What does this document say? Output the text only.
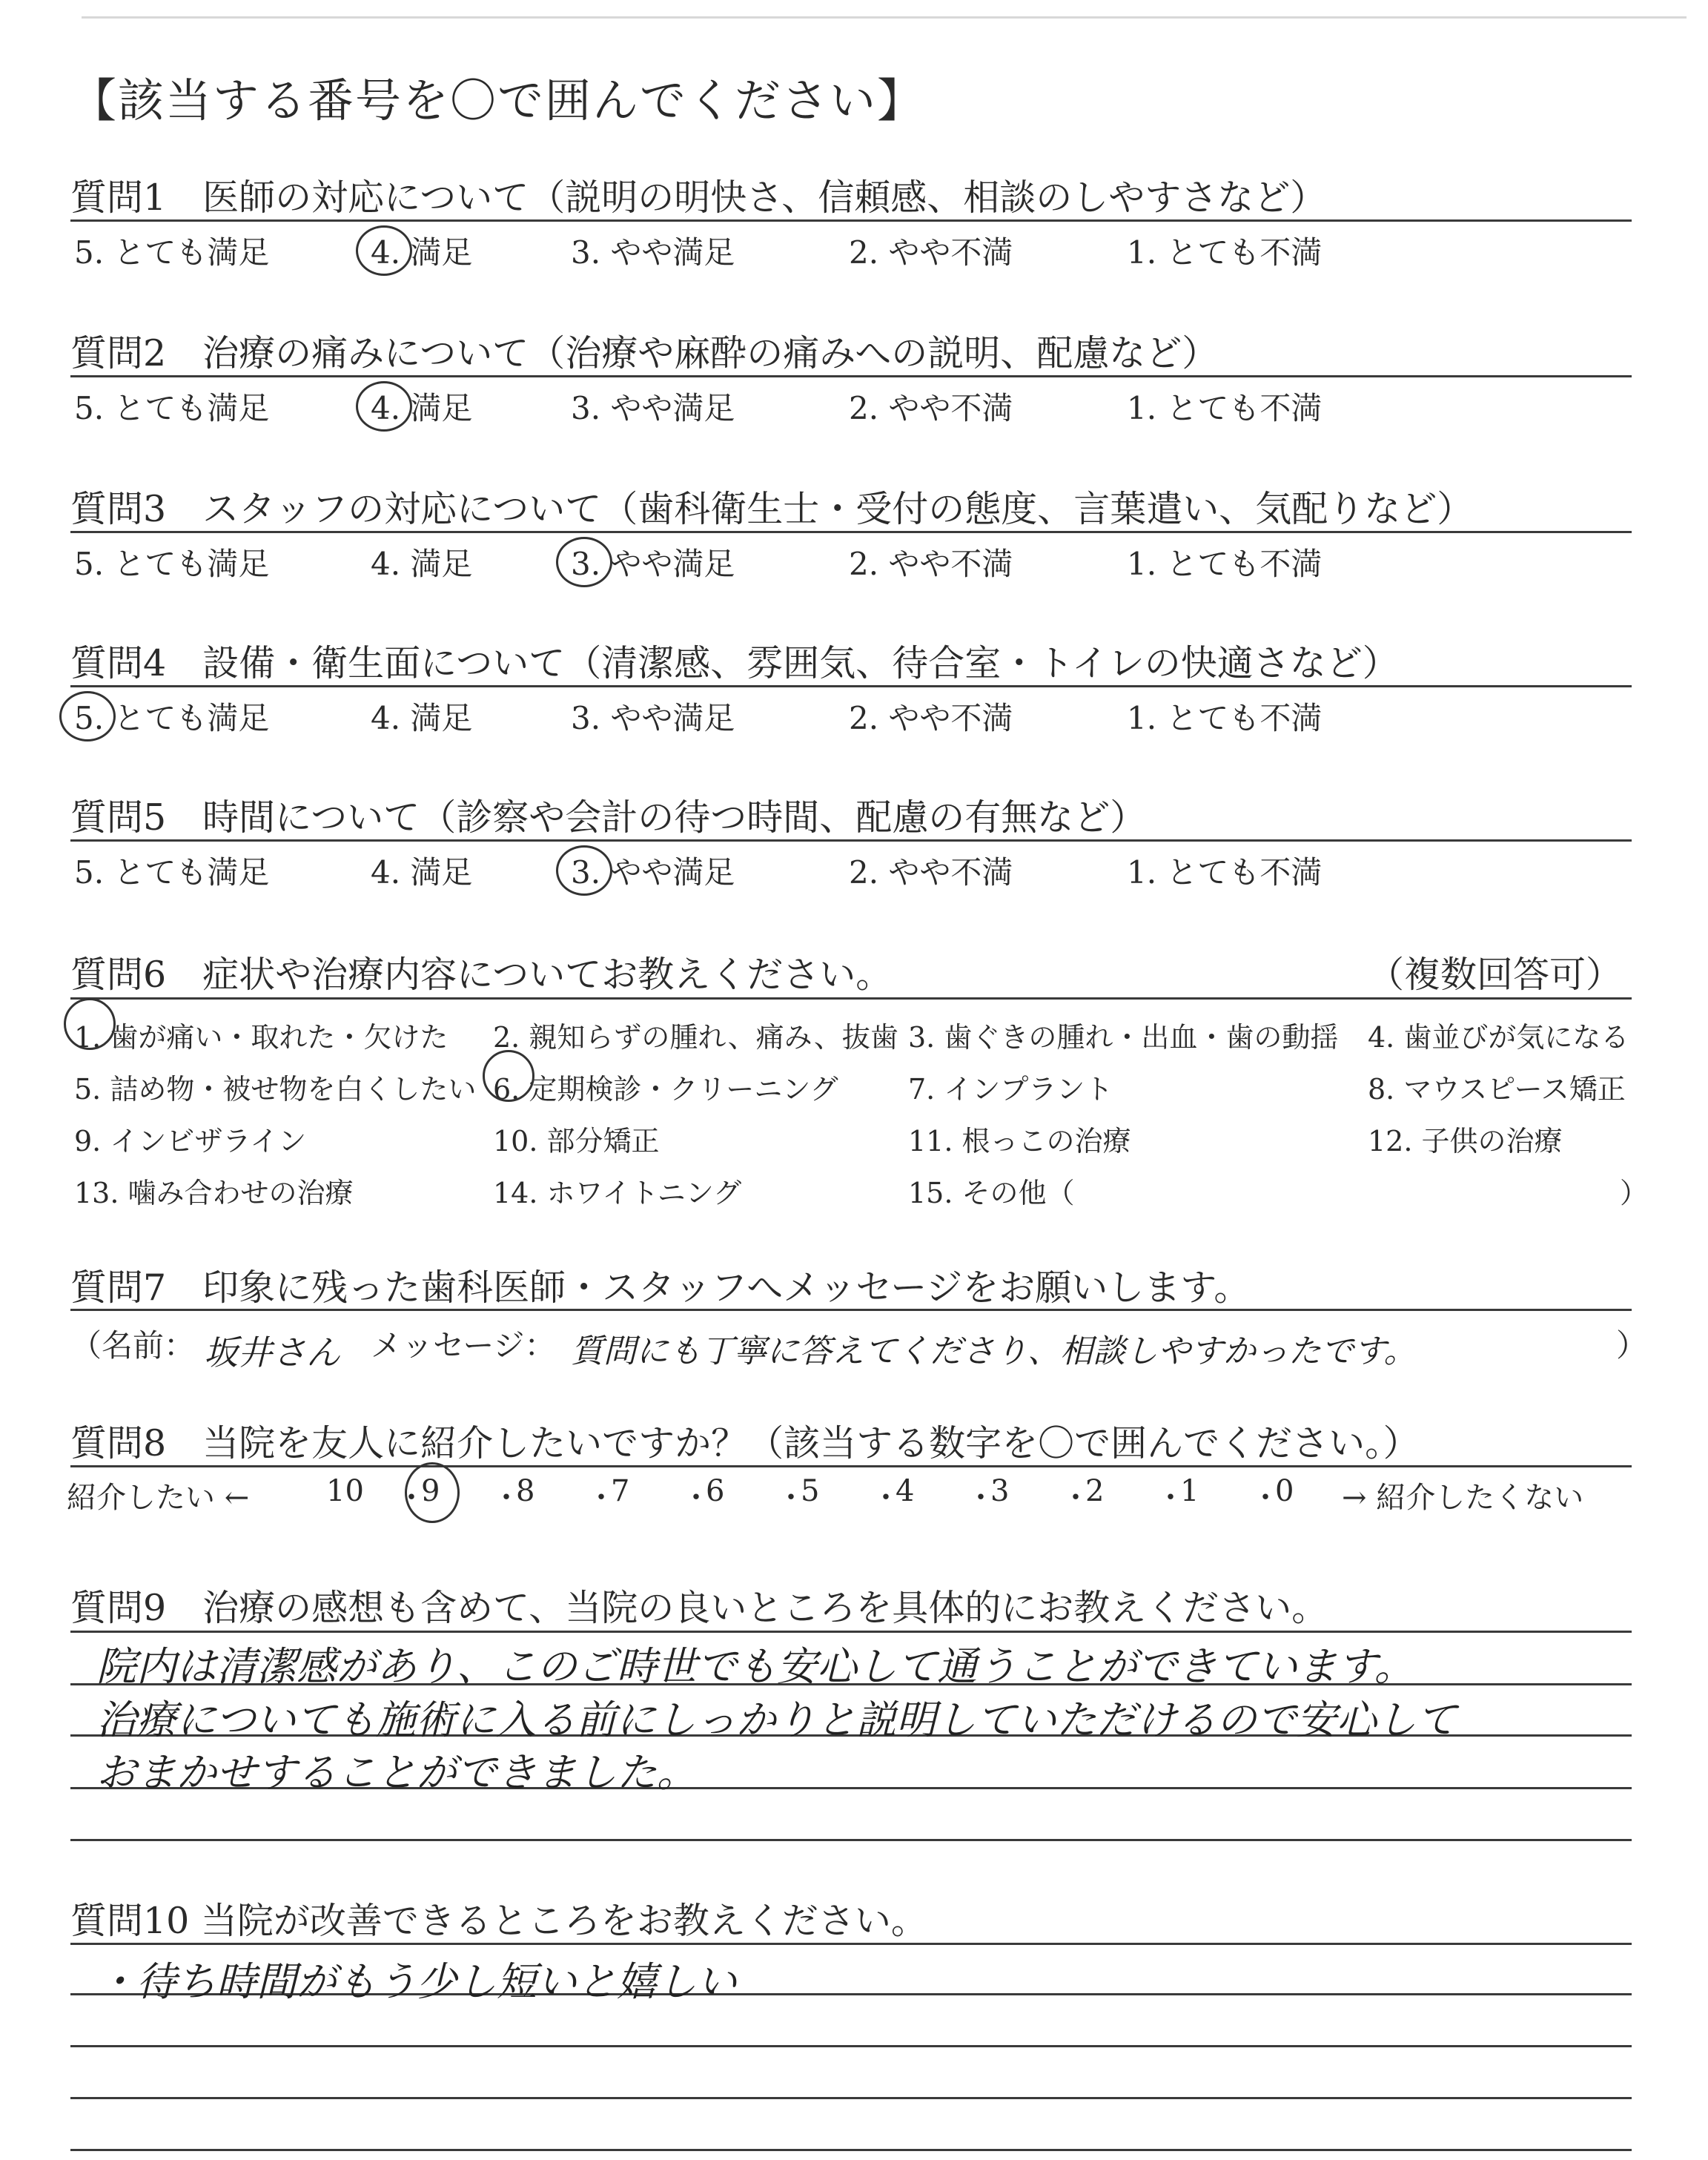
【該当する番号を〇で囲んでください】
質問1　医師の対応について（説明の明快さ、信頼感、相談のしやすさなど）
5. とても満足	4. 満足	3. やや満足	2. やや不満	1. とても不満
質問2　治療の痛みについて（治療や麻酔の痛みへの説明、配慮など）
5. とても満足	4. 満足	3. やや満足	2. やや不満	1. とても不満
質問3　スタッフの対応について（歯科衛生士・受付の態度、言葉遣い、気配りなど）
5. とても満足	4. 満足	3. やや満足	2. やや不満	1. とても不満
質問4　設備・衛生面について（清潔感、雰囲気、待合室・トイレの快適さなど）
5. とても満足	4. 満足	3. やや満足	2. やや不満	1. とても不満
質問5　時間について（診察や会計の待つ時間、配慮の有無など）
5. とても満足	4. 満足	3. やや満足	2. やや不満	1. とても不満
質問6　症状や治療内容についてお教えください。	（複数回答可）
1. 歯が痛い・取れた・欠けた 2. 親知らずの腫れ、痛み、抜歯 3. 歯ぐきの腫れ・出血・歯の動揺 4. 歯並びが気になる
5. 詰め物・被せ物を白くしたい 6. 定期検診・クリーニング 7. インプラント	8. マウスピース矯正
9. インビザライン	10. 部分矯正	11. 根っこの治療	12. 子供の治療
13. 噛み合わせの治療	14. ホワイトニング	15. その他（	）
質問7　印象に残った歯科医師・スタッフへメッセージをお願いします。
（名前： 坂井さん メッセージ： 質問にも丁寧に答えてくださり、相談しやすかったです。	）
質問8　当院を友人に紹介したいですか？（該当する数字を〇で囲んでください。）
紹介したい ←	10 ・
9 ・
8 ・
7 ・
6 ・
5 ・
4 ・
3 ・
2 ・
1 ・
0 → 紹介したくない
質問9　治療の感想も含めて、当院の良いところを具体的にお教えください。
院内は清潔感があり、このご時世でも安心して通うことができています。
治療についても施術に入る前にしっかりと説明していただけるので安心して
おまかせすることができました。
質問10 当院が改善できるところをお教えください。
・待ち時間がもう少し短いと嬉しい
